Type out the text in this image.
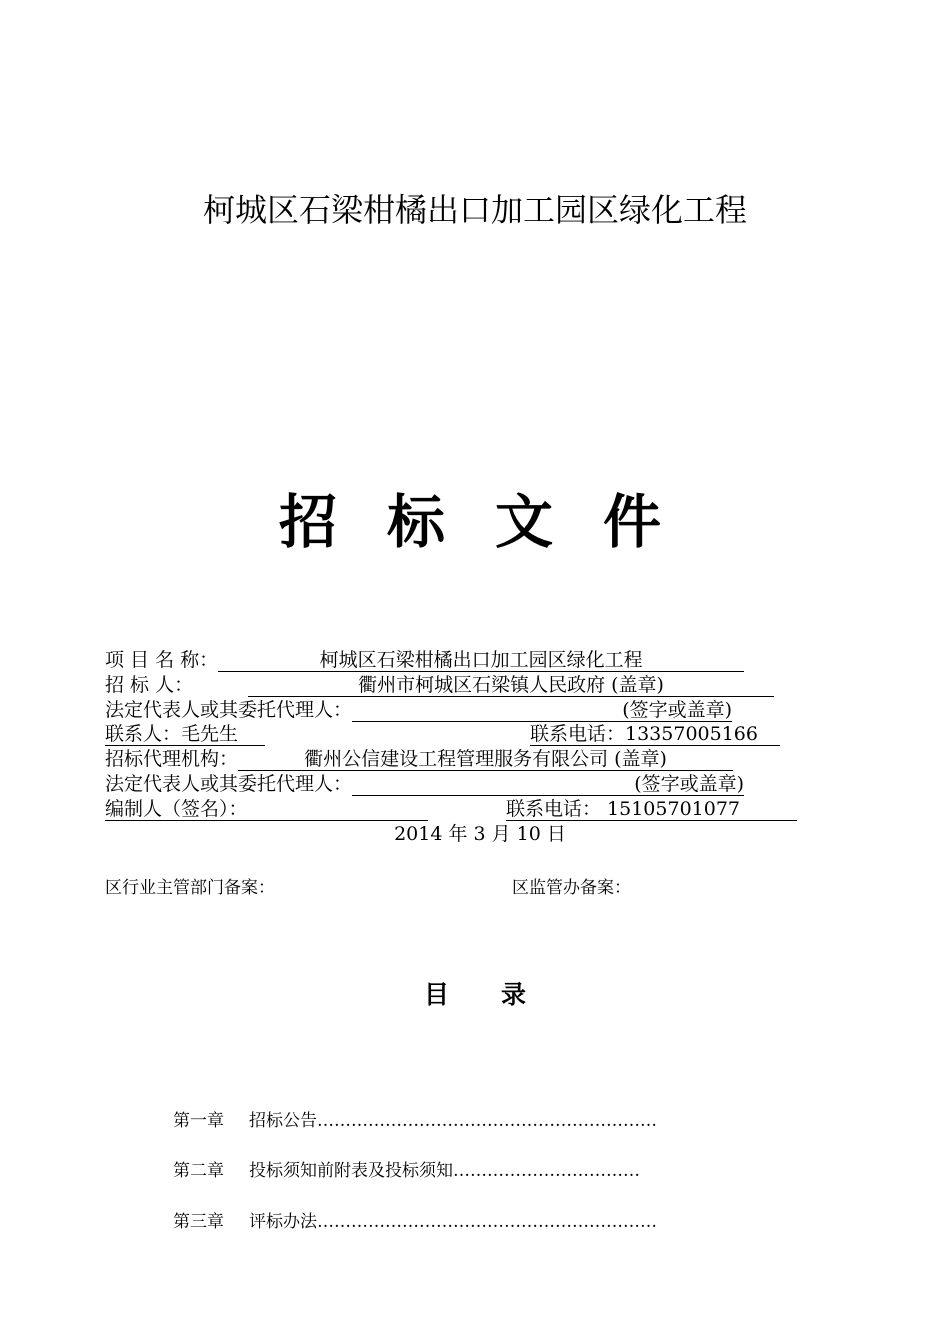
柯城区石梁柑橘出口加工园区绿化工程
招标文件
项 目 名 称：	柯城区石梁柑橘出口加工园区绿化工程
招 标 人：	衢州市柯城区石梁镇人民政府 (盖章)
法定代表人或其委托代理人：	(签字或盖章)
联系人：毛先生	联系电话：13357005166
招标代理机构：	衢州公信建设工程管理服务有限公司 (盖章)
法定代表人或其委托代理人：	(签字或盖章)
编制人（签名）：	联系电话： 15105701077
2014 年 3 月 10 日
区行业主管部门备案：	区监管办备案：
目 录
第一章 招标公告……………………………………………………
第二章 投标须知前附表及投标须知……………………………
第三章 评标办法……………………………………………………
